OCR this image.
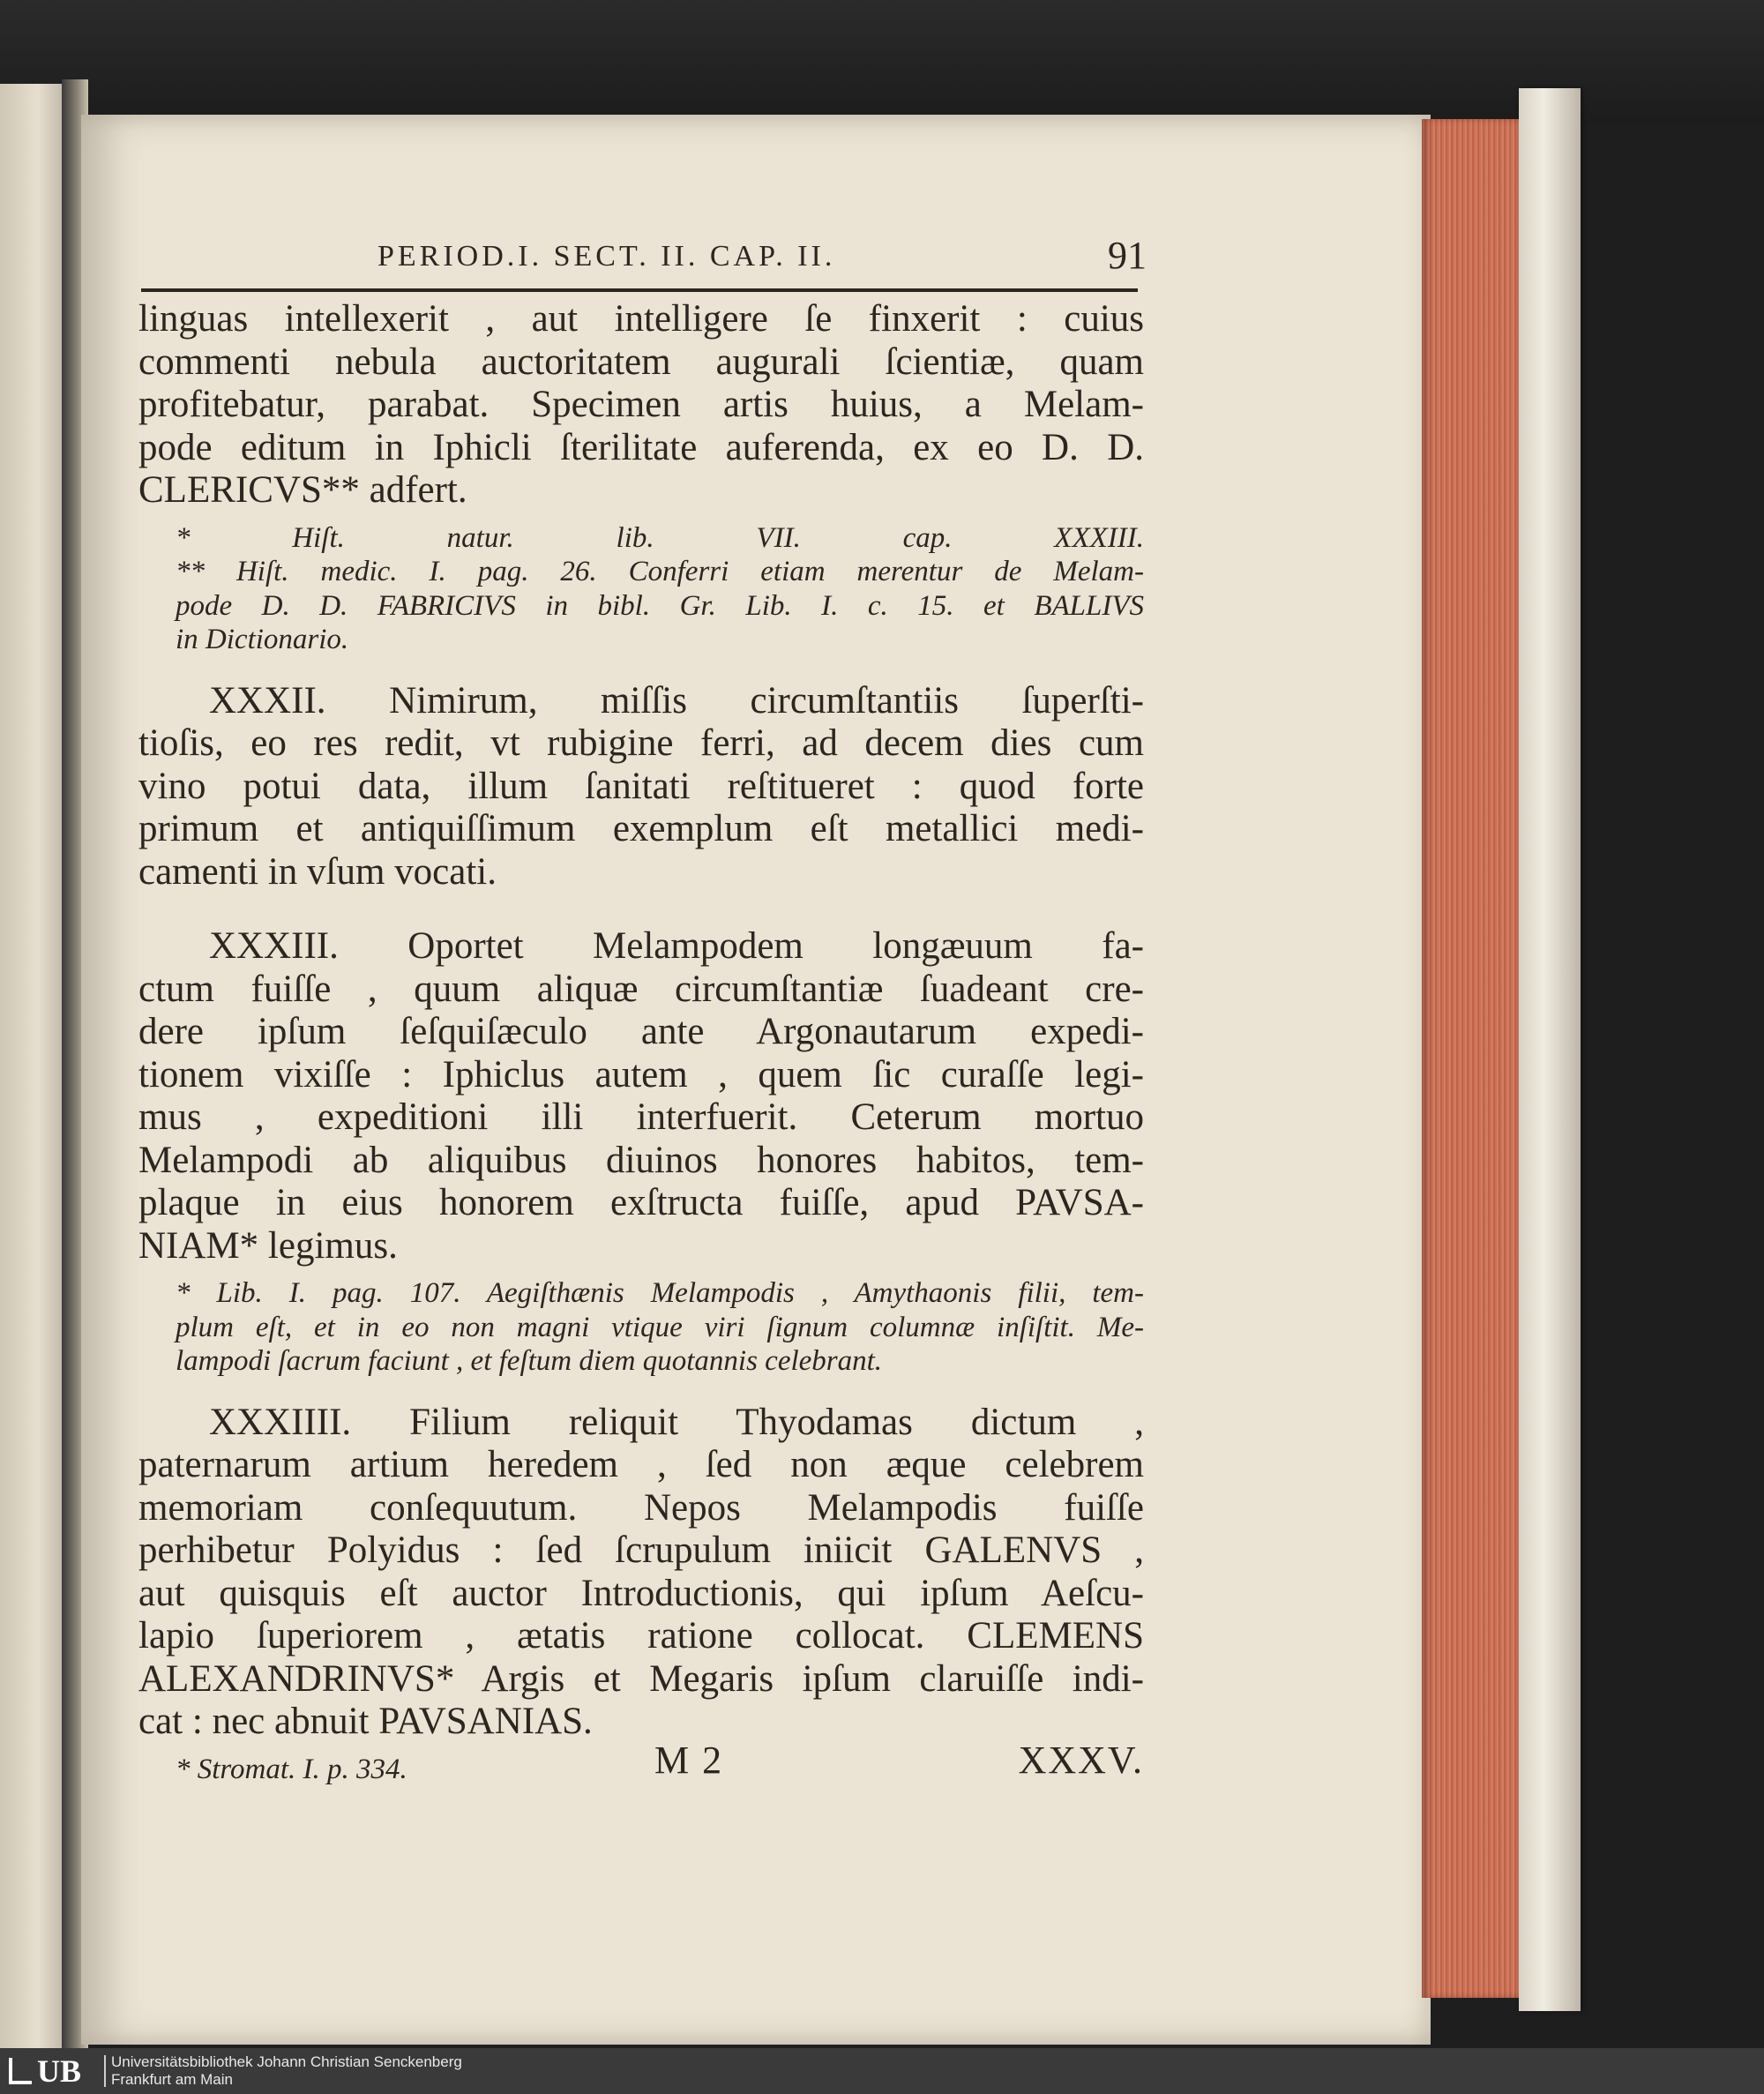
PERIOD.I. SECT. II. CAP. II.	91
linguas intellexerit , aut intelligere ſe finxerit : cuius
commenti nebula auctoritatem augurali ſcientiæ, quam
profitebatur, parabat. Specimen artis huius, a Melam-
pode editum in Iphicli ſterilitate auferenda, ex eo D. D.
CLERICVS** adfert.
* Hiſt. natur. lib. VII. cap. XXXIII.
** Hiſt. medic. I. pag. 26. Conferri etiam merentur de Melam-
pode D. D. FABRICIVS in bibl. Gr. Lib. I. c. 15. et BALLIVS
in Dictionario.
XXXII. Nimirum, miſſis circumſtantiis ſuperſti-
tioſis, eo res redit, vt rubigine ferri, ad decem dies cum
vino potui data, illum ſanitati reſtitueret : quod forte
primum et antiquiſſimum exemplum eſt metallici medi-
camenti in vſum vocati.
XXXIII. Oportet Melampodem longæuum fa-
ctum fuiſſe , quum aliquæ circumſtantiæ ſuadeant cre-
dere ipſum ſeſquiſæculo ante Argonautarum expedi-
tionem vixiſſe : Iphiclus autem , quem ſic curaſſe legi-
mus , expeditioni illi interfuerit. Ceterum mortuo
Melampodi ab aliquibus diuinos honores habitos, tem-
plaque in eius honorem exſtructa fuiſſe, apud PAVSA-
NIAM* legimus.
* Lib. I. pag. 107. Aegiſthænis Melampodis , Amythaonis filii, tem-
plum eſt, et in eo non magni vtique viri ſignum columnæ inſiſtit. Me-
lampodi ſacrum faciunt , et feſtum diem quotannis celebrant.
XXXIIII. Filium reliquit Thyodamas dictum ,
paternarum artium heredem , ſed non æque celebrem
memoriam conſequutum. Nepos Melampodis fuiſſe
perhibetur Polyidus : ſed ſcrupulum iniicit GALENVS ,
aut quisquis eſt auctor Introductionis, qui ipſum Aeſcu-
lapio ſuperiorem , ætatis ratione collocat. CLEMENS
ALEXANDRINVS* Argis et Megaris ipſum claruiſſe indi-
cat : nec abnuit PAVSANIAS.
* Stromat. I. p. 334.	M 2	XXXV.
UB Universitätsbibliothek Johann Christian Senckenberg
Frankfurt am Main
